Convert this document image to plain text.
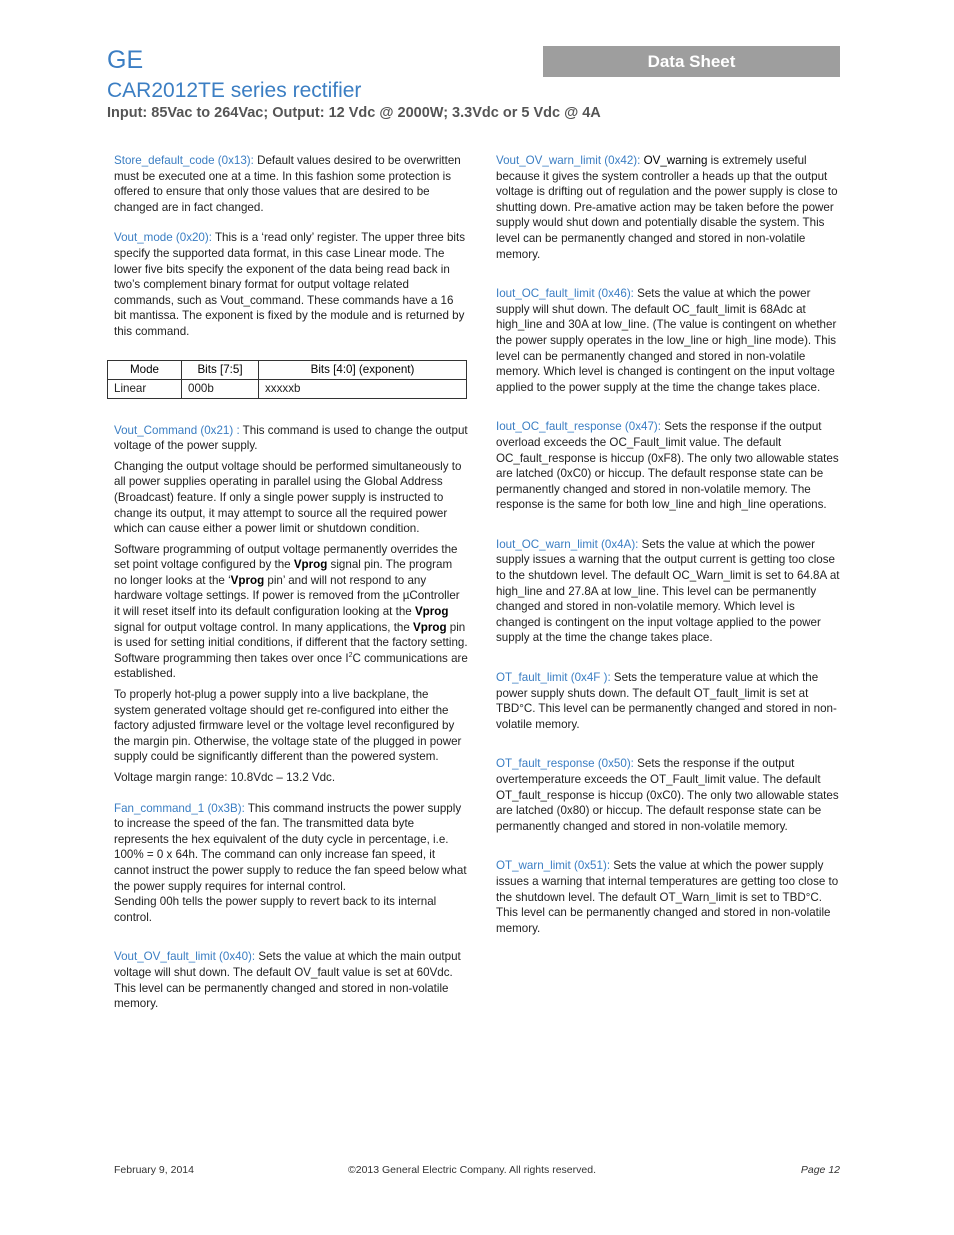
GE
CAR2012TE series rectifier
Input: 85Vac to 264Vac; Output: 12 Vdc @ 2000W; 3.3Vdc or 5 Vdc @ 4A
Data Sheet

Store_default_code (0x13): Default values desired to be overwritten must be executed one at a time. In this fashion some protection is offered to ensure that only those values that are desired to be changed are in fact changed.

Vout_mode (0x20): This is a ‘read only’ register. The upper three bits specify the supported data format, in this case Linear mode. The lower five bits specify the exponent of the data being read back in two’s complement binary format for output voltage related commands, such as Vout_command. These commands have a 16 bit mantissa. The exponent is fixed by the module and is returned by this command.

Mode	Bits [7:5]	Bits [4:0] (exponent)
Linear	000b	xxxxxb

Vout_Command (0x21) : This command is used to change the output voltage of the power supply.

Changing the output voltage should be performed simultaneously to all power supplies operating in parallel using the Global Address (Broadcast) feature. If only a single power supply is instructed to change its output, it may attempt to source all the required power which can cause either a power limit or shutdown condition.

Software programming of output voltage permanently overrides the set point voltage configured by the Vprog signal pin. The program no longer looks at the ‘Vprog pin’ and will not respond to any hardware voltage settings. If power is removed from the µController it will reset itself into its default configuration looking at the Vprog signal for output voltage control. In many applications, the Vprog pin is used for setting initial conditions, if different that the factory setting. Software programming then takes over once $I^2C$ communications are established.

To properly hot-plug a power supply into a live backplane, the system generated voltage should get re-configured into either the factory adjusted firmware level or the voltage level reconfigured by the margin pin. Otherwise, the voltage state of the plugged in power supply could be significantly different than the powered system.

Voltage margin range: 10.8Vdc – 13.2 Vdc.

Fan_command_1 (0x3B): This command instructs the power supply to increase the speed of the fan. The transmitted data byte represents the hex equivalent of the duty cycle in percentage, i.e. 100% = 0 x 64h. The command can only increase fan speed, it cannot instruct the power supply to reduce the fan speed below what the power supply requires for internal control.

Sending 00h tells the power supply to revert back to its internal control.

Vout_OV_fault_limit (0x40): Sets the value at which the main output voltage will shut down. The default OV_fault value is set at 60Vdc. This level can be permanently changed and stored in non-volatile memory.

Vout_OV_warn_limit (0x42): OV_warning is extremely useful because it gives the system controller a heads up that the output voltage is drifting out of regulation and the power supply is close to shutting down. Pre-amative action may be taken before the power supply would shut down and potentially disable the system. This level can be permanently changed and stored in non-volatile memory.

Iout_OC_fault_limit (0x46): Sets the value at which the power supply will shut down. The default OC_fault_limit is 68Adc at high_line and 30A at low_line. (The value is contingent on whether the power supply operates in the low_line or high_line mode). This level can be permanently changed and stored in non-volatile memory. Which level is changed is contingent on the input voltage applied to the power supply at the time the change takes place.

Iout_OC_fault_response (0x47): Sets the response if the output overload exceeds the OC_Fault_limit value. The default OC_fault_response is hiccup (0xF8). The only two allowable states are latched (0xC0) or hiccup. The default response state can be permanently changed and stored in non-volatile memory. The response is the same for both low_line and high_line operations.

Iout_OC_warn_limit (0x4A): Sets the value at which the power supply issues a warning that the output current is getting too close to the shutdown level. The default OC_Warn_limit is set to 64.8A at high_line and 27.8A at low_line. This level can be permanently changed and stored in non-volatile memory. Which level is changed is contingent on the input voltage applied to the power supply at the time the change takes place.

OT_fault_limit (0x4F ): Sets the temperature value at which the power supply shuts down. The default OT_fault_limit is set at TBD°C. This level can be permanently changed and stored in non-volatile memory.

OT_fault_response (0x50): Sets the response if the output overtemperature exceeds the OT_Fault_limit value. The default OT_fault_response is hiccup (0xC0). The only two allowable states are latched (0x80) or hiccup. The default response state can be permanently changed and stored in non-volatile memory.

OT_warn_limit (0x51): Sets the value at which the power supply issues a warning that internal temperatures are getting too close to the shutdown level. The default OT_Warn_limit is set to TBD°C. This level can be permanently changed and stored in non-volatile memory.

February 9, 2014	©2013 General Electric Company. All rights reserved.	Page 12
